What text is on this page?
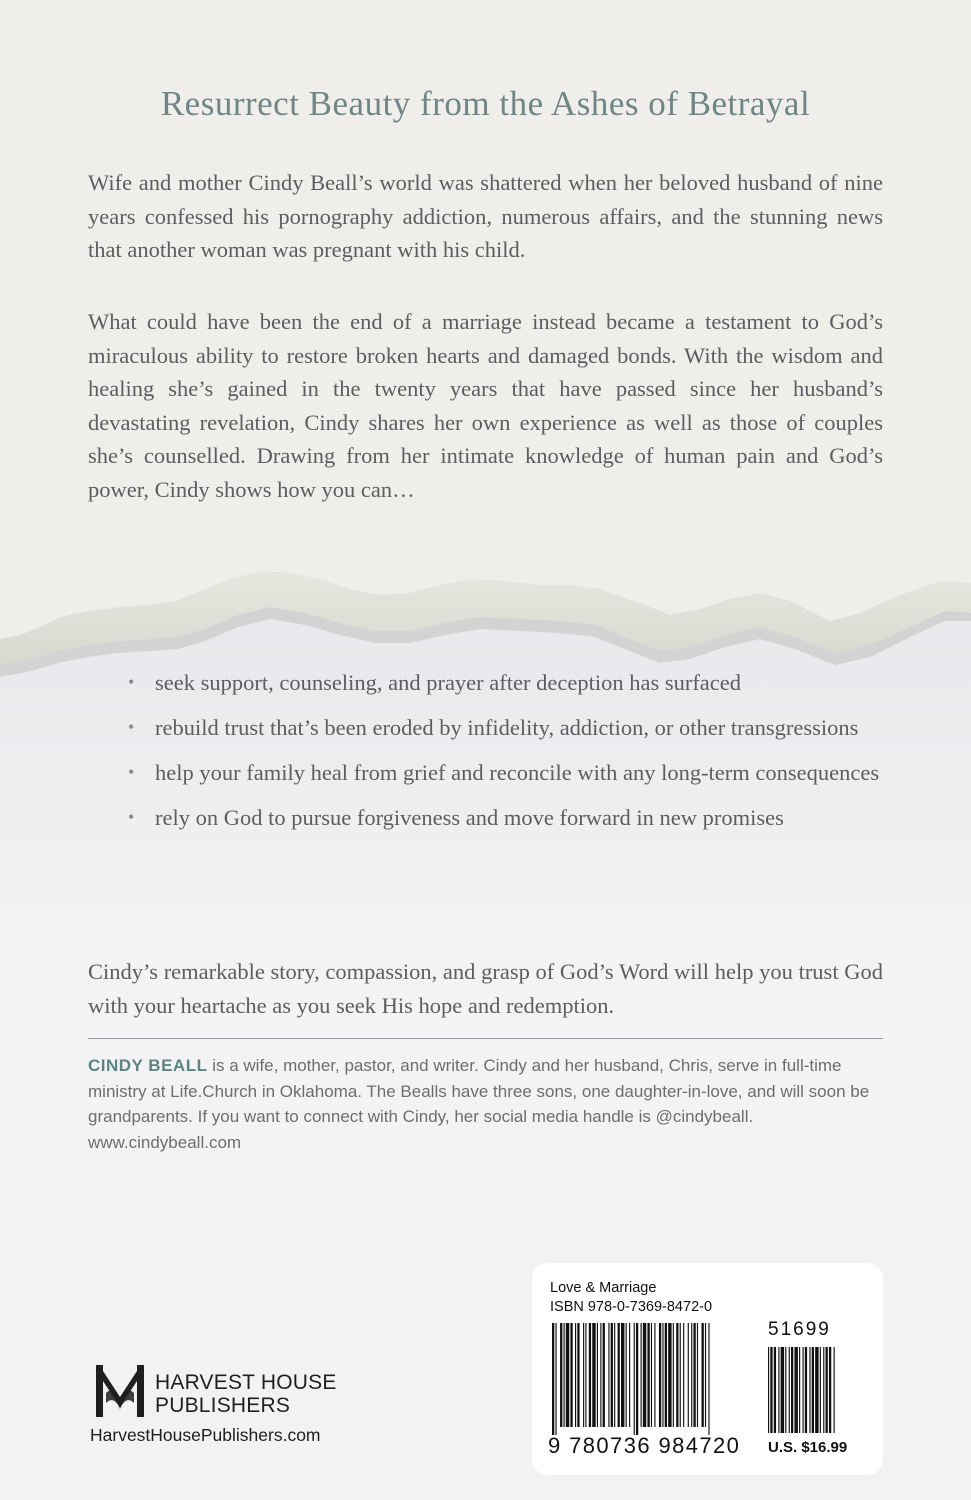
Resurrect Beauty from the Ashes of Betrayal
Wife and mother Cindy Beall’s world was shattered when her beloved husband of nine years confessed his pornography addiction, numerous affairs, and the stunning news that another woman was pregnant with his child.
What could have been the end of a marriage instead became a testament to God’s miraculous ability to restore broken hearts and damaged bonds. With the wisdom and healing she’s gained in the twenty years that have passed since her husband’s devastating revelation, Cindy shares her own experience as well as those of couples she’s counselled. Drawing from her intimate knowledge of human pain and God’s power, Cindy shows how you can…
• seek support, counseling, and prayer after deception has surfaced
• rebuild trust that’s been eroded by infidelity, addiction, or other transgressions
• help your family heal from grief and reconcile with any long-term consequences
• rely on God to pursue forgiveness and move forward in new promises
Cindy’s remarkable story, compassion, and grasp of God’s Word will help you trust God with your heartache as you seek His hope and redemption.
CINDY BEALL is a wife, mother, pastor, and writer. Cindy and her husband, Chris, serve in full-time ministry at Life.Church in Oklahoma. The Bealls have three sons, one daughter-in-love, and will soon be grandparents. If you want to connect with Cindy, her social media handle is @cindybeall. www.cindybeall.com
HARVEST HOUSE
PUBLISHERS
HarvestHousePublishers.com
Love & Marriage
ISBN 978-0-7369-8472-0
9 780736 984720
51699
U.S. $16.99
